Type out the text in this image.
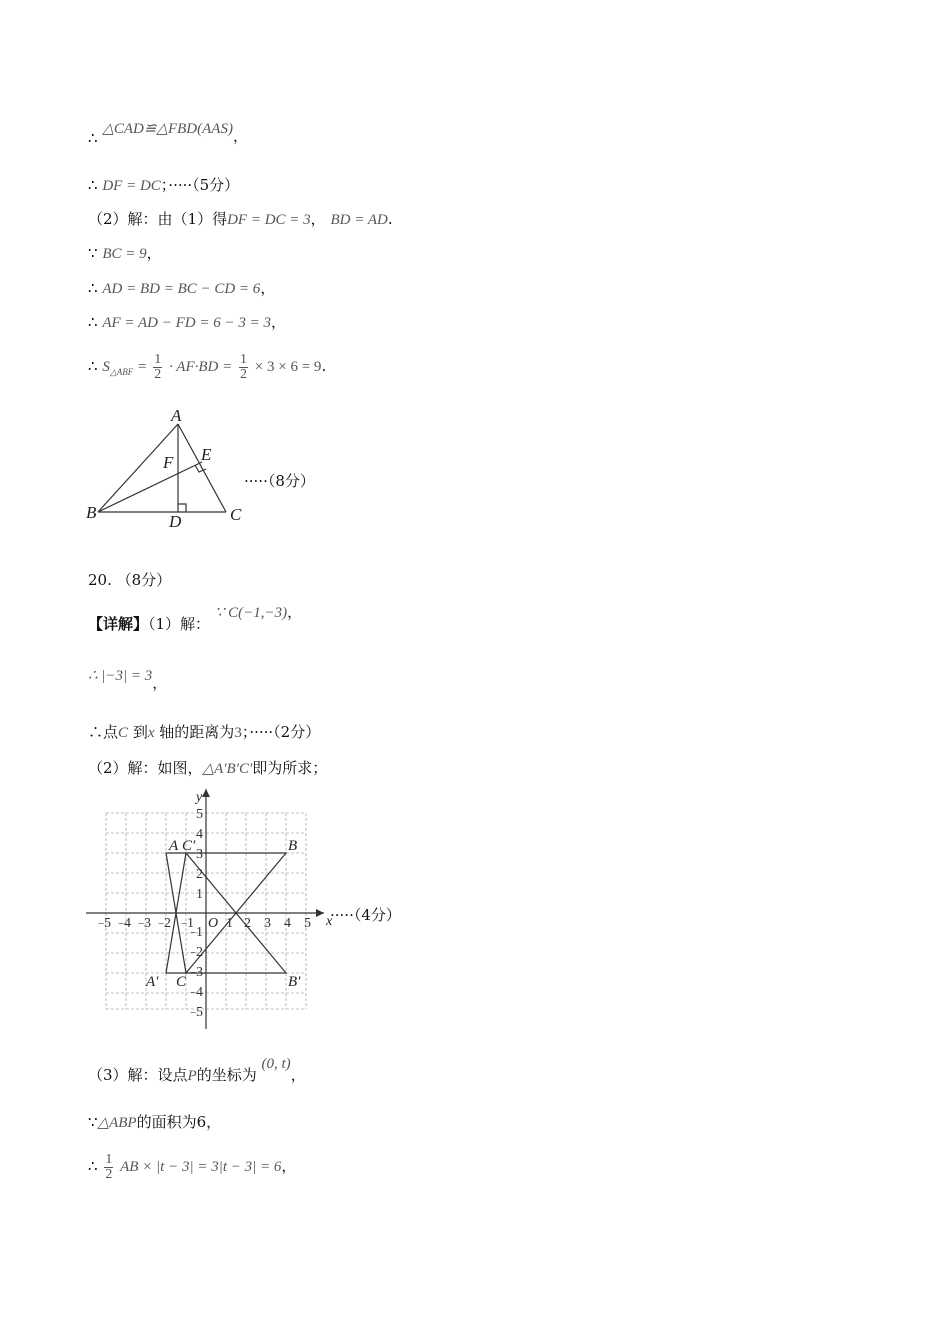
∴ △CAD≌△FBD(AAS)，
∴ DF = DC；·····（5分）
（2）解：由（1）得DF = DC = 3， BD = AD.
∵ BC = 9，
∴ AD = BD = BC − CD = 6，
∴ AF = AD − FD = 6 − 3 = 3，
∴ $S_{\triangle ABF} = \frac{1}{2} \cdot AF\cdot BD = \frac{1}{2} \times 3 \times 6 = 9$.
A
B	C
D
E
F
·····（8分）
20. （8分）
【详解】（1）解： ∵ C(−1,−3)，
∴ |−3| = 3，
∴点C 到x 轴的距离为3；·····（2分）
（2）解：如图，△A′B′C′即为所求；
x
y
O
5 4 3 2 1 1 2 3 4 5
1
2
3
4
5
1
2
3
4
5
− − − − −
−
−
−
−
−
A C′	B
A′ C	B′
·····（4分）
（3）解：设点P的坐标为 (0, t)，
∵△ABP的面积为6，
∴ $\frac{1}{2}$ AB × |t − 3| = 3|t − 3| = 6，
